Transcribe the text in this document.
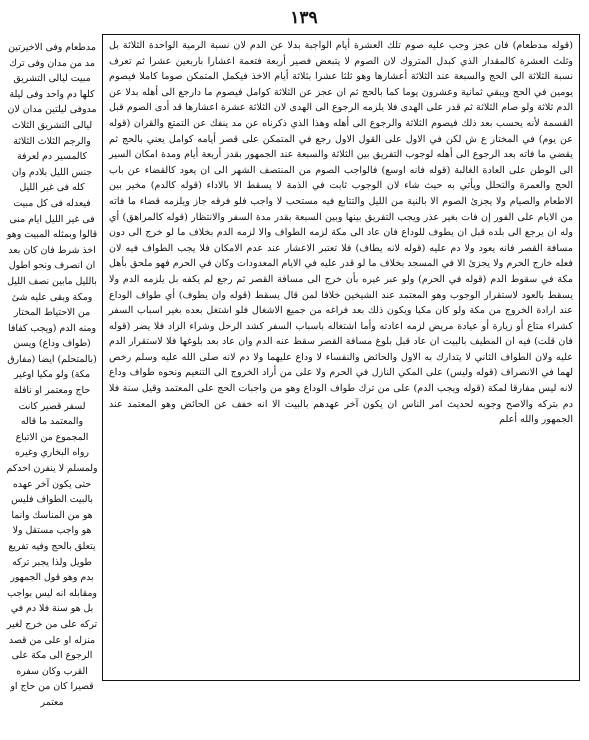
١٣٩

(قوله مدطعام) فان عجز وجب عليه صوم تلك العشرة أيام الواجبة بدلا عن الدم لان نسبة الرمية الواحدة الثلاثة بل وثلث العشرة كالمقدار الذي كبدل المتروك لان الصوم لا يتبعض فصير أربعة فتعمة اعشارا باربعين عشرا ثم تعرف نسبة الثلاثة الى الحج والسبعة عند الثلاثة أعشارها وهو ثلثا عشرا بثلاثة أيام الاخذ فيكمل المتمكن صوما كاملا فيصوم يومين في الحج ويبقي ثمانية وعشرون يوما كما بالحج ثم ان عجز عن الثلاثة كوامل فيصوم ما دارجع الى أهله بدلا عن الدم ثلاثة ولو صام الثلاثة ثم قدر على الهدى فلا يلزمه الرجوع الى الهدى لان الثلاثة عشرة اعشارها قد أدى الصوم قبل القسمة لأنه يحسب بعد ذلك فيصوم الثلاثة والرجوع الى أهله وهذا الذي ذكرناه عن مد ينفك عن التمتع والقران (قوله عن يوم) في المختار ع ش لكن في الاول على القول الاول رجع في المتمكن على قصر أيامه كوامل يعني بالحج ثم يقضي ما فاته بعد الرجوع الى أهله لوجوب التفريق بين الثلاثة والسبعة عند الجمهور بقدر أربعة أيام ومدة امكان السير الى الوطن على العادة الغالبة (قوله فانه اوسع) فالواجب الصوم من المنتصف الشهر الى ان يعود كالقضاء عن باب الحج والعمرة والتحلل ويأتي به حيث شاء لان الوجوب ثابت في الذمة لا يسقط الا بالاداء (قوله كالدم) مخير بين الاطعام والصيام ولا يجزئ الصوم الا بالنية من الليل والتتابع فيه مستحب لا واجب فلو فرقه جاز ويلزمه قضاء ما فاته من الايام على الفور إن فات بغير عذر ويجب التفريق بينها وبين السبعة بقدر مدة السفر والانتظار (قوله كالمراهق) أي وله ان يرجع الى بلده قبل ان يطوف للوداع فان عاد الى مكة لزمه الطواف والا لزمه الدم بخلاف ما لو خرج الى دون مسافة القصر فانه يعود ولا دم عليه (قوله لانه يطاف) فلا تعتبر الاعشار عند عدم الامكان فلا يجب الطواف فيه لان فعله خارج الحرم ولا يجزئ الا في المسجد بخلاف ما لو قدر عليه في الايام المعدودات وكان في الحرم فهو ملحق بأهل مكة في سقوط الدم (قوله في الحرم) ولو عبر غيره بأن خرج الى مسافة القصر ثم رجع لم يكفه بل يلزمه الدم ولا يسقط بالعود لاستقرار الوجوب وهو المعتمد عند الشيخين خلافا لمن قال يسقط (قوله وان يطوف) أي طواف الوداع عند ارادة الخروج من مكة ولو كان مكيا ويكون ذلك بعد فراغه من جميع الاشغال فلو اشتغل بعده بغير اسباب السفر كشراء متاع أو زيارة أو عيادة مريض لزمه اعادته وأما اشتغاله باسباب السفر كشد الرحل وشراء الزاد فلا يضر (قوله فان قلت) فيه ان المطيف بالبيت ان عاد قبل بلوغ مسافة القصر سقط عنه الدم وان عاد بعد بلوغها فلا لاستقرار الدم عليه ولان الطواف الثاني لا يتدارك به الاول والحائض والنفساء لا وداع عليهما ولا دم لانه صلى الله عليه وسلم رخص لهما في الانصراف (قوله وليس) على المكي النازل في الحرم ولا على من أراد الخروج الى التنعيم ونحوه طواف وداع لانه ليس مفارقا لمكة (قوله ويجب الدم) على من ترك طواف الوداع وهو من واجبات الحج على المعتمد وقيل سنة فلا دم بتركه والاصح وجوبه لحديث امر الناس ان يكون آخر عهدهم بالبيت الا انه خفف عن الحائض وهو المعتمد عند الجمهور والله أعلم

مدطعام وفى الاخيرتين مد من مدان وفى ترك مبيت ليالى التشريق كلها دم واحد وفى ليلة مدوفى ليلتين مدان لان ليالى التشريق الثلاث والرجم الثلاث الثلاثة كالمسير دم لعرفة جنس الليل بلادم وان كله فى غير الليل فيعدله فى كل مبيت فى غير الليل ايام منى قالوا وبمثله المبيت وهو اخذ شرط فان كان بعد ان انصرف ونحو اطول بالليل مابين نصف الليل ومكة وبقى عليه شئ من الاحتياط المختار ومنه الدم (ويجب كفافا (طواف وداع) ويسن (بالمتحلم) ايضا (مفارق مكة) ولو مكيا اوغير حاج ومعتمر او نافلة لسفر قصير كانت والمعتمد ما قاله المجموع من الاتباع رواه البخاري وغيره ولمسلم لا ينفرن احدكم حتى يكون آخر عهده بالبيت الطواف فليس هو من المناسك وانما هو واجب مستقل ولا يتعلق بالحج وفيه تفريع طويل ولذا يجبر تركه بدم وهو قول الجمهور ومقابله انه ليس بواجب بل هو سنة فلا دم في تركه على من خرج لغير منزله او على من قصد الرجوع الى مكة على القرب وكان سفره قصيرا كان من حاج او معتمر
